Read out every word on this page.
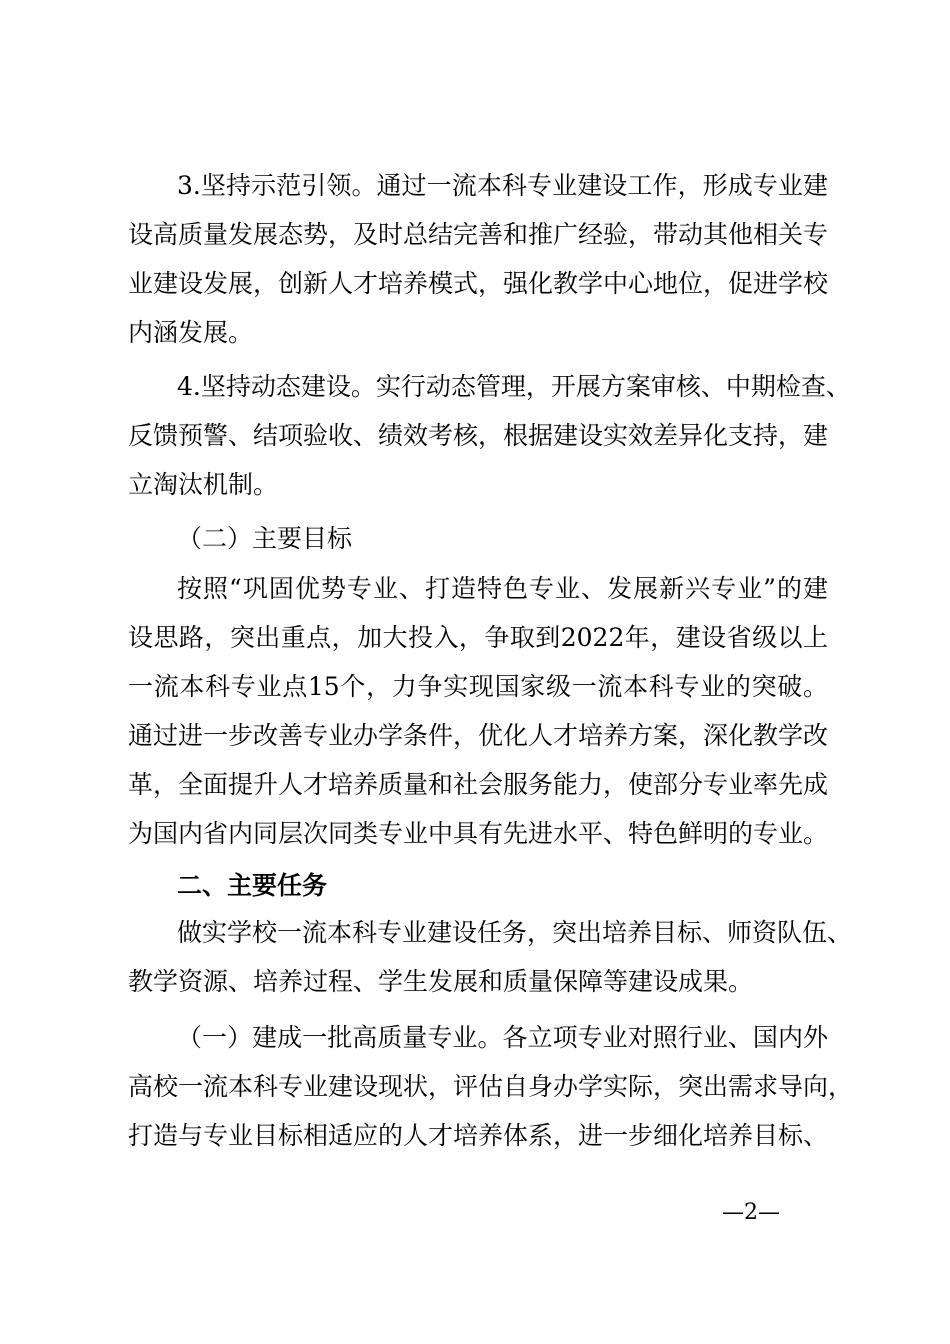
3.坚持示范引领。通过一流本科专业建设工作，形成专业建
设高质量发展态势，及时总结完善和推广经验，带动其他相关专
业建设发展，创新人才培养模式，强化教学中心地位，促进学校
内涵发展。
4.坚持动态建设。实行动态管理，开展方案审核、中期检查、
反馈预警、结项验收、绩效考核，根据建设实效差异化支持，建
立淘汰机制。
（二）主要目标
按照“巩固优势专业、打造特色专业、发展新兴专业”的建
设思路，突出重点，加大投入，争取到2022年，建设省级以上
一流本科专业点15个，力争实现国家级一流本科专业的突破。
通过进一步改善专业办学条件，优化人才培养方案，深化教学改
革，全面提升人才培养质量和社会服务能力，使部分专业率先成
为国内省内同层次同类专业中具有先进水平、特色鲜明的专业。
二、主要任务
做实学校一流本科专业建设任务，突出培养目标、师资队伍、
教学资源、培养过程、学生发展和质量保障等建设成果。
（一）建成一批高质量专业。各立项专业对照行业、国内外
高校一流本科专业建设现状，评估自身办学实际，突出需求导向，
打造与专业目标相适应的人才培养体系，进一步细化培养目标、
—2—
